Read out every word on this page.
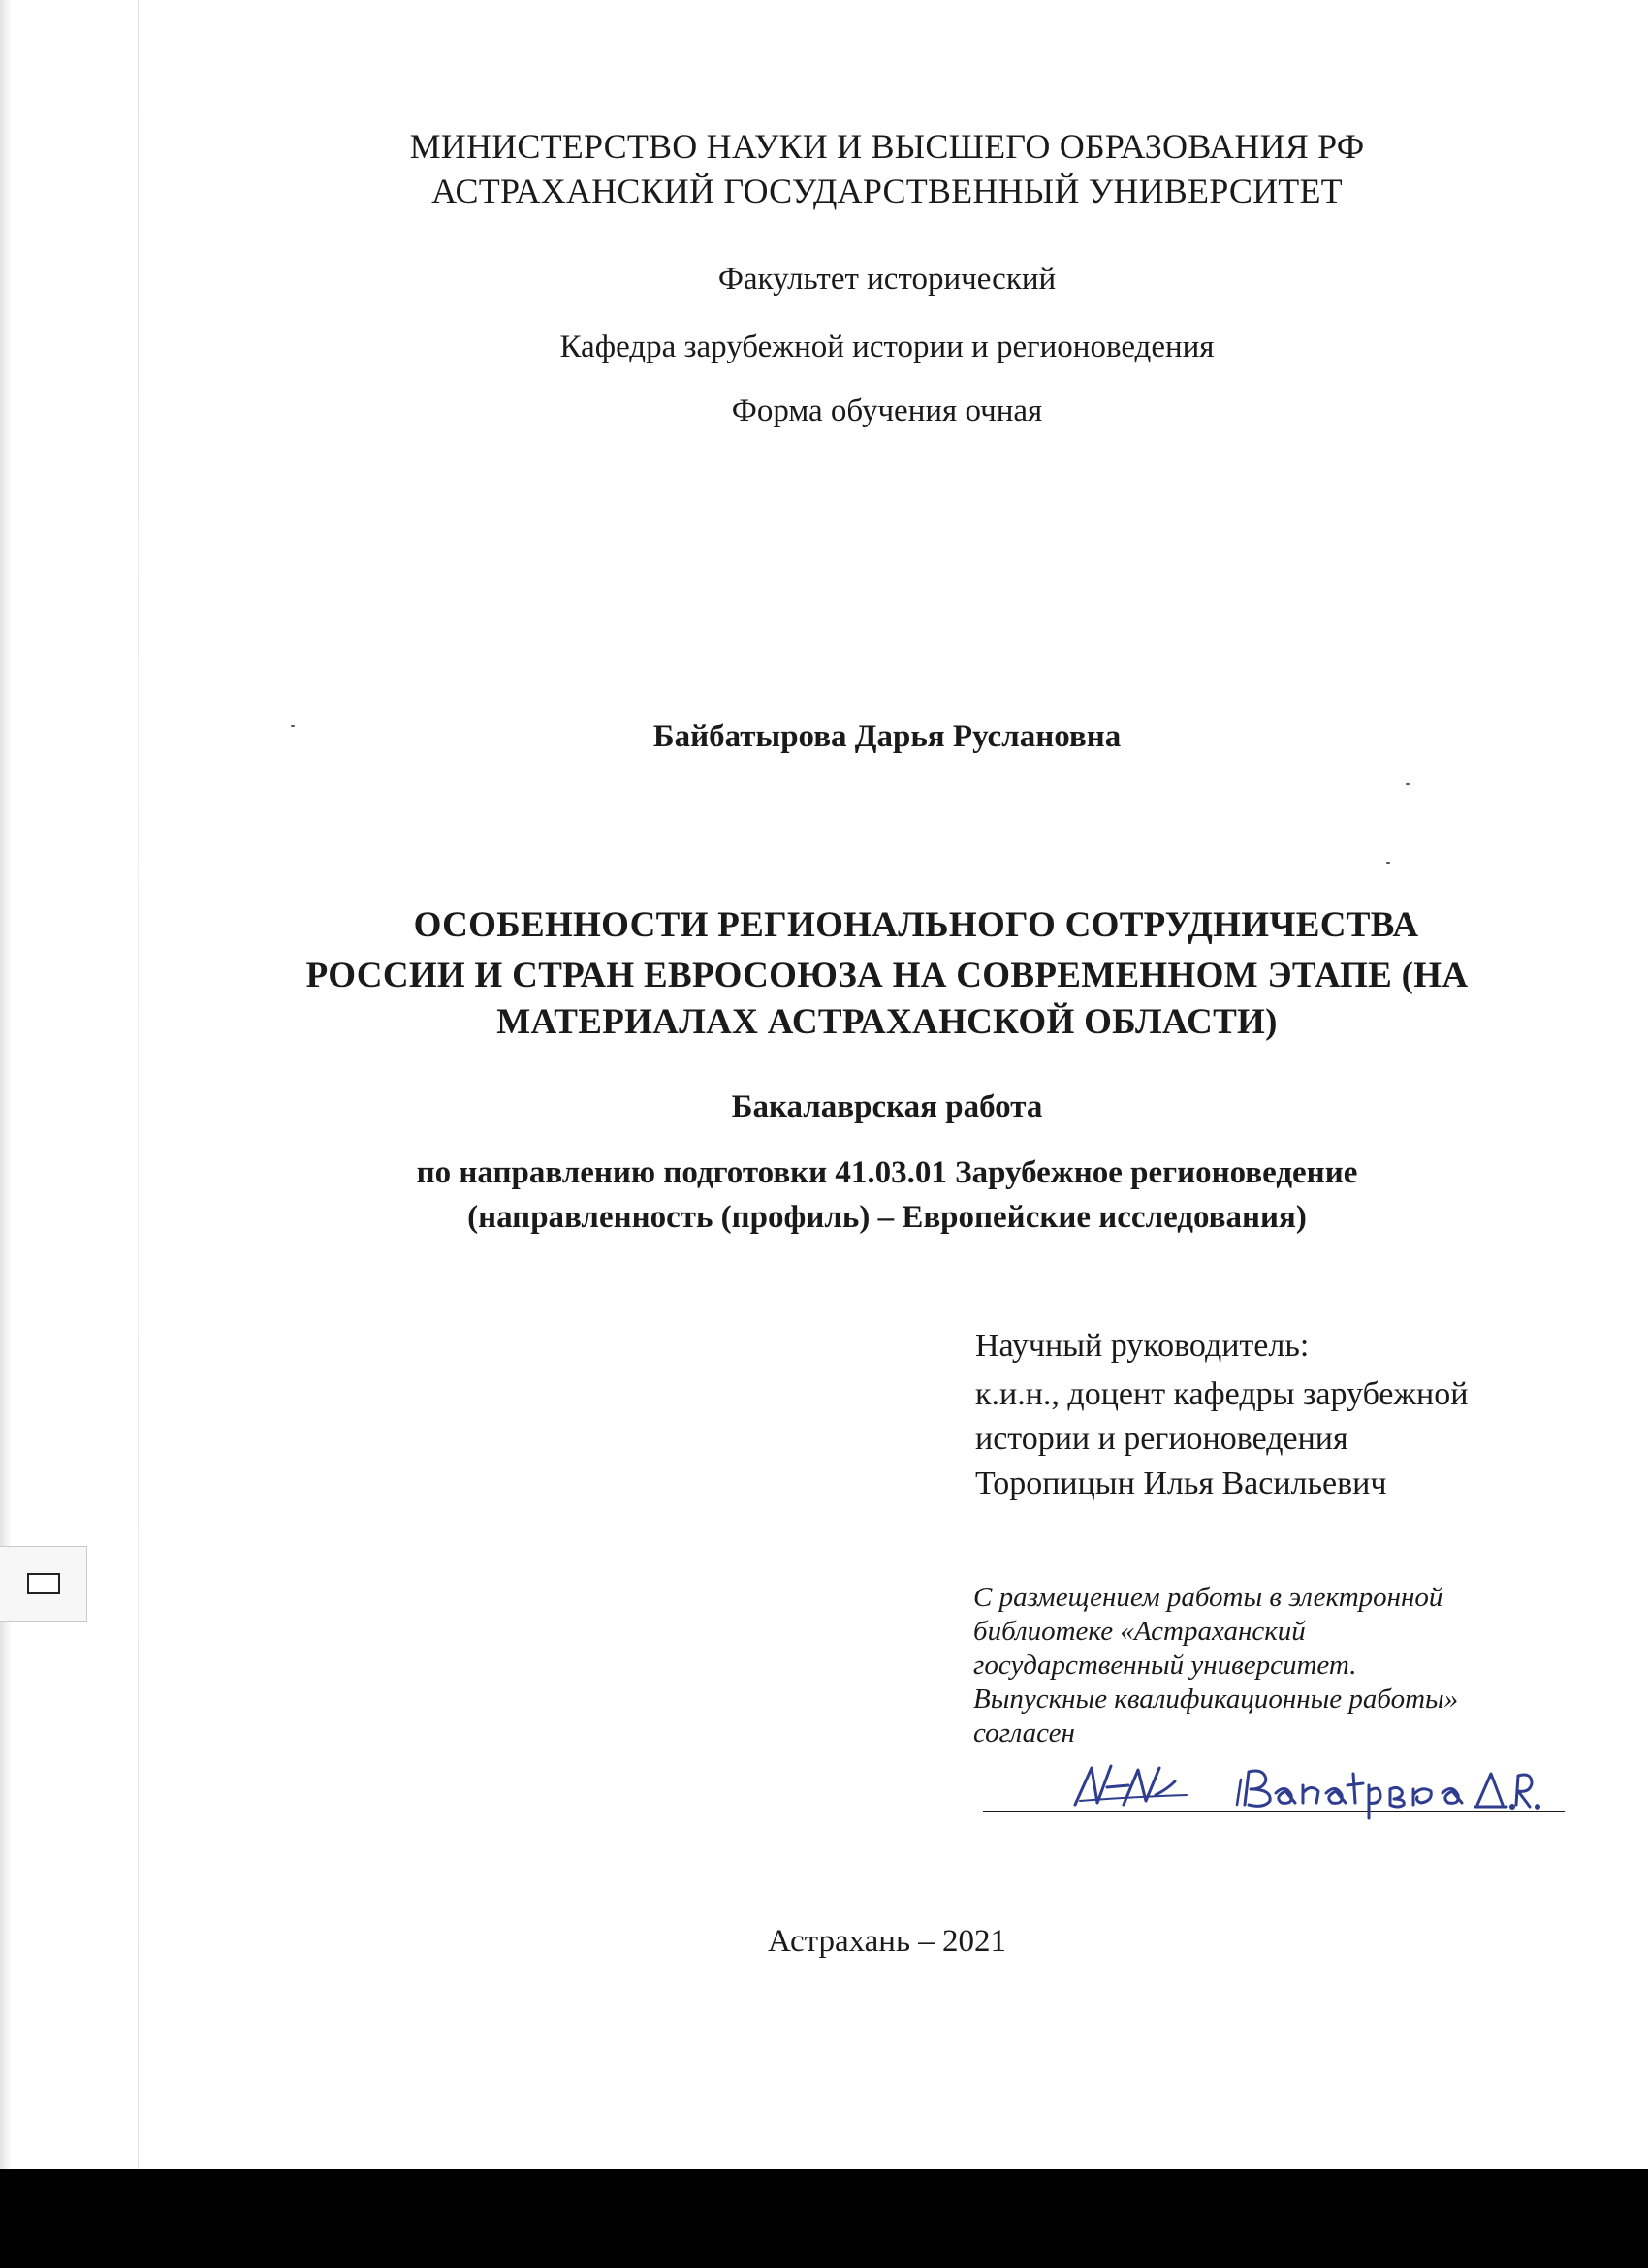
МИНИСТЕРСТВО НАУКИ И ВЫСШЕГО ОБРАЗОВАНИЯ РФ
АСТРАХАНСКИЙ ГОСУДАРСТВЕННЫЙ УНИВЕРСИТЕТ
Факультет исторический
Кафедра зарубежной истории и регионоведения
Форма обучения очная
Байбатырова Дарья Руслановна
ОСОБЕННОСТИ РЕГИОНАЛЬНОГО СОТРУДНИЧЕСТВА
РОССИИ И СТРАН ЕВРОСОЮЗА НА СОВРЕМЕННОМ ЭТАПЕ (НА
МАТЕРИАЛАХ АСТРАХАНСКОЙ ОБЛАСТИ)
Бакалаврская работа
по направлению подготовки 41.03.01 Зарубежное регионоведение
(направленность (профиль) – Европейские исследования)
Научный руководитель:
к.и.н., доцент кафедры зарубежной
истории и регионоведения
Торопицын Илья Васильевич
С размещением работы в электронной
библиотеке «Астраханский
государственный университет.
Выпускные квалификационные работы»
согласен
Астрахань – 2021
